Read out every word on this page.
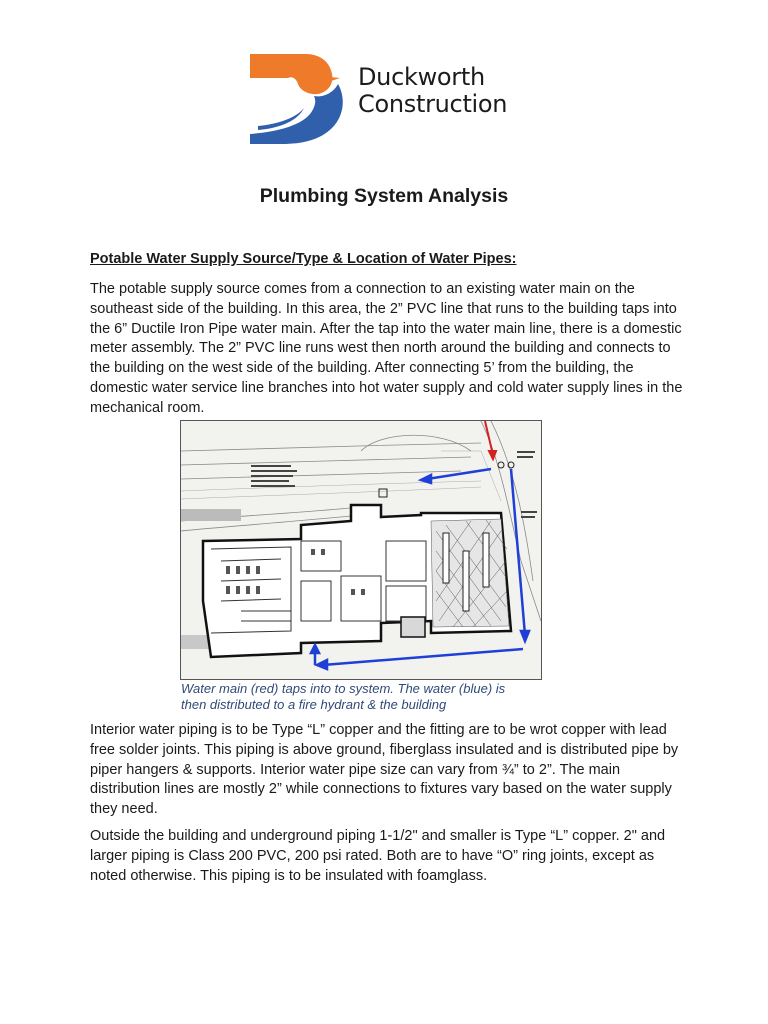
Duckworth
Construction
Plumbing System Analysis
Potable Water Supply Source/Type & Location of Water Pipes:

The potable supply source comes from a connection to an existing water main on the southeast side of the building. In this area, the 2” PVC line that runs to the building taps into the 6” Ductile Iron Pipe water main. After the tap into the water main line, there is a domestic meter assembly. The 2” PVC line runs west then north around the building and connects to the building on the west side of the building. After connecting 5’ from the building, the domestic water service line branches into hot water supply and cold water supply lines in the mechanical room.

Water main (red) taps into to system. The water (blue) is
then distributed to a fire hydrant & the building

Interior water piping is to be Type “L” copper and the fitting are to be wrot copper with lead free solder joints. This piping is above ground, fiberglass insulated and is distributed pipe by piper hangers & supports. Interior water pipe size can vary from ¾” to 2”. The main distribution lines are mostly 2” while connections to fixtures vary based on the water supply they need.

Outside the building and underground piping 1-1/2" and smaller is Type “L” copper. 2" and larger piping is Class 200 PVC, 200 psi rated. Both are to have “O” ring joints, except as noted otherwise. This piping is to be insulated with foamglass.
